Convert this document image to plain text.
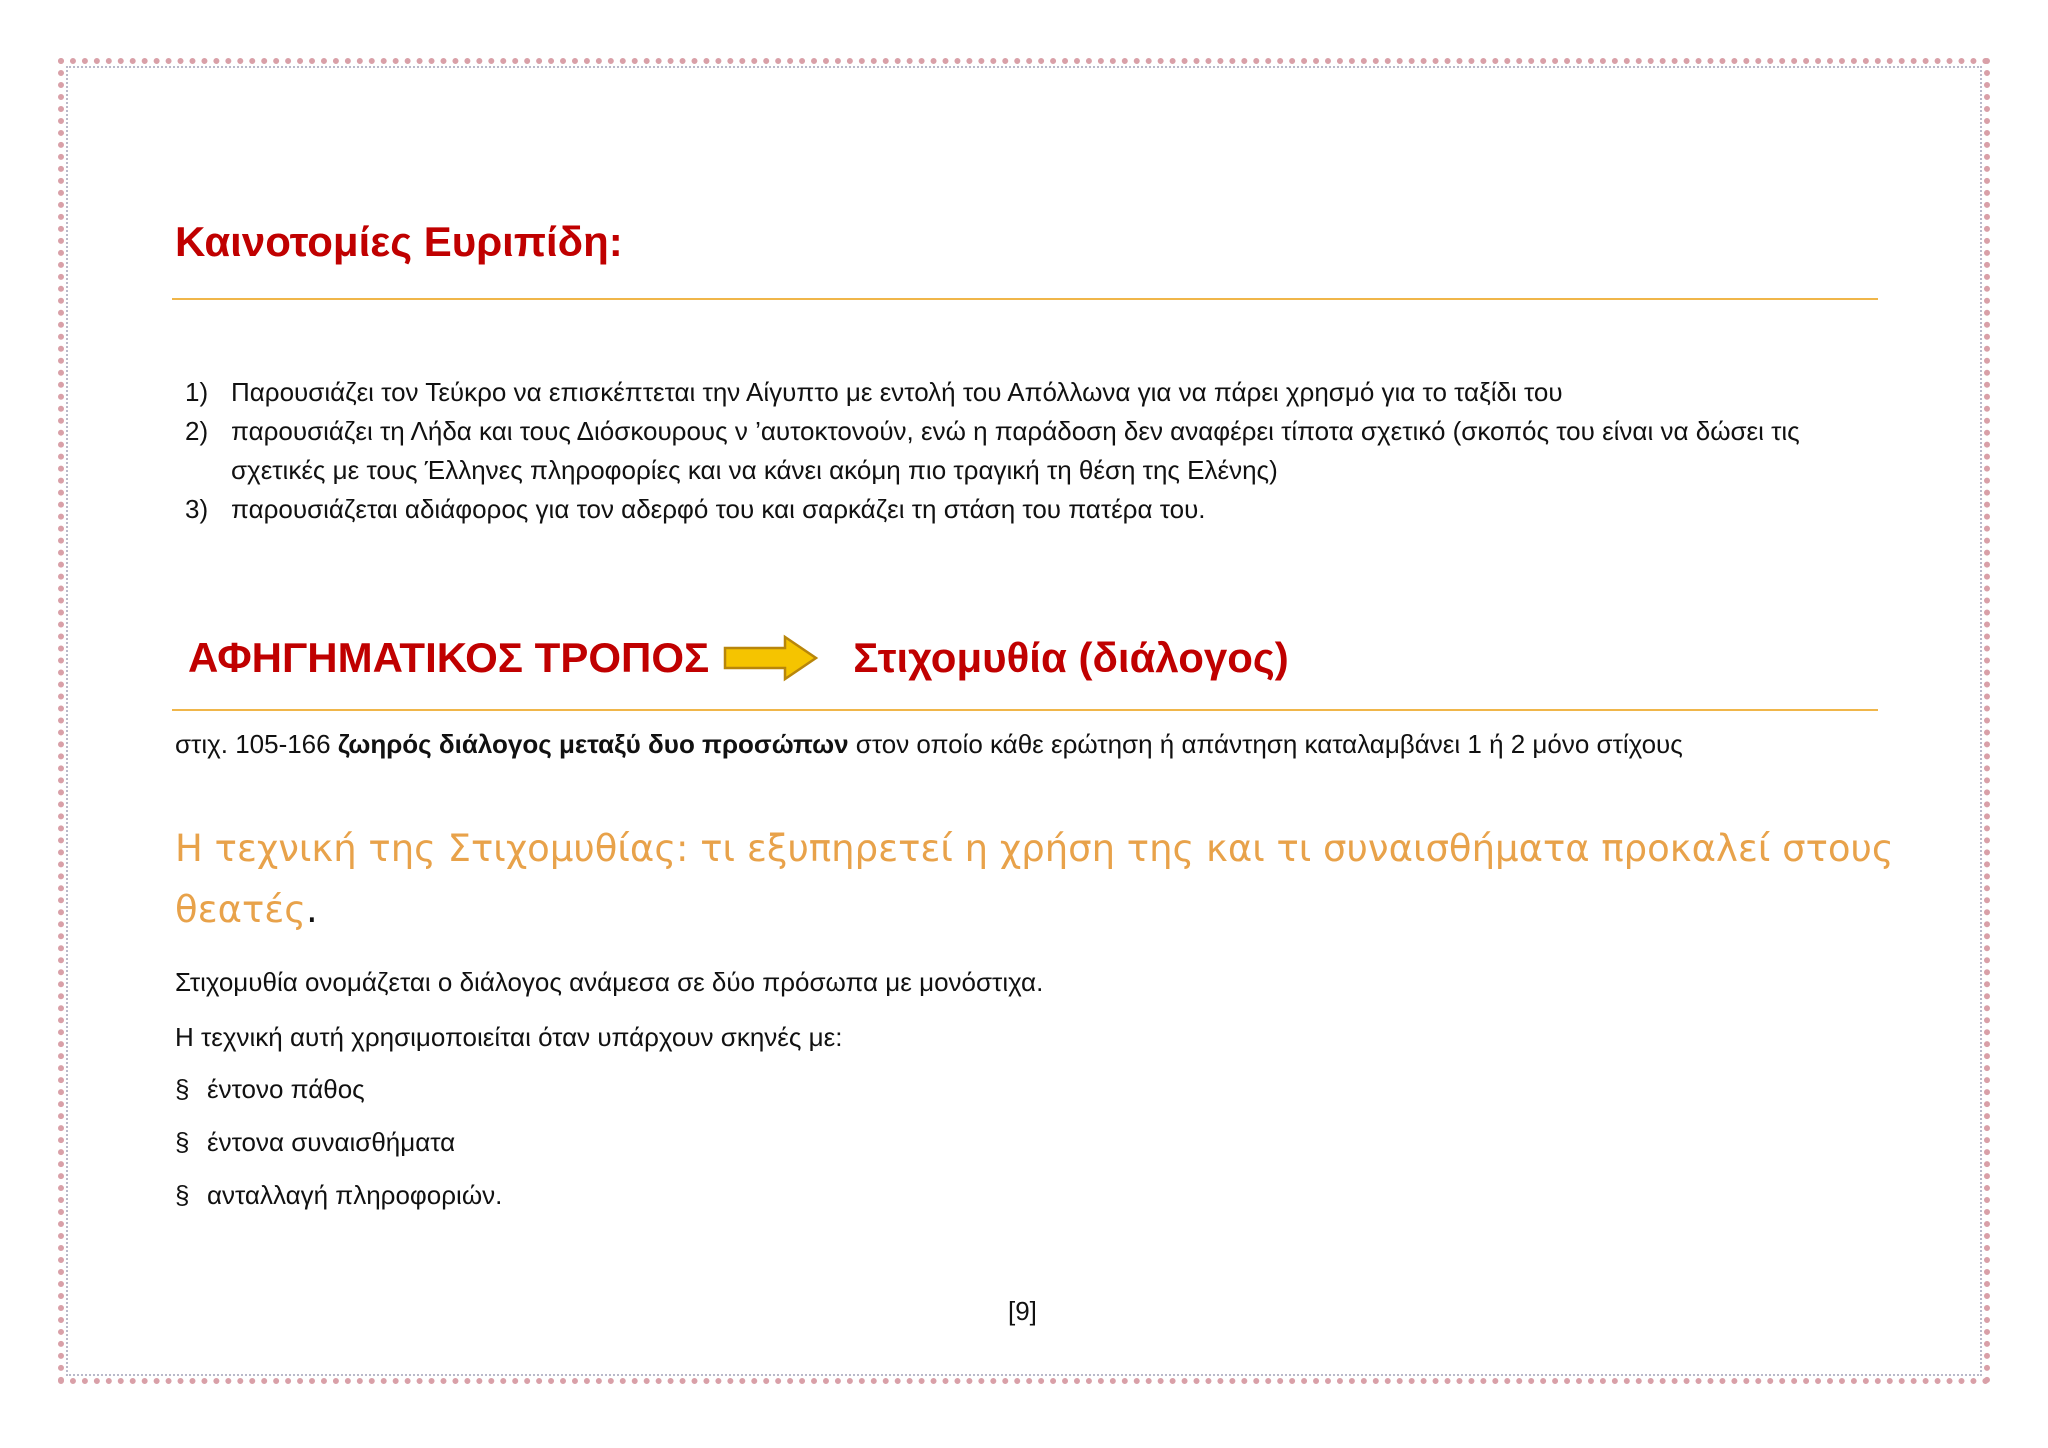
Καινοτομίες Ευριπίδη:
1) Παρουσιάζει τον Τεύκρο να επισκέπτεται την Αίγυπτο με εντολή του Απόλλωνα για να πάρει χρησμό για το ταξίδι του
2) παρουσιάζει τη Λήδα και τους Διόσκουρους ν ’αυτοκτονούν, ενώ η παράδοση δεν αναφέρει τίποτα σχετικό (σκοπός του είναι να δώσει τις σχετικές με τους Έλληνες πληροφορίες και να κάνει ακόμη πιο τραγική τη θέση της Ελένης)
3) παρουσιάζεται αδιάφορος για τον αδερφό του και σαρκάζει τη στάση του πατέρα του.
ΑΦΗΓΗΜΑΤΙΚΟΣ ΤΡΟΠΟΣ	Στιχομυθία (διάλογος)

στιχ. 105-166 ζωηρός διάλογος μεταξύ δυο προσώπων στον οποίο κάθε ερώτηση ή απάντηση καταλαμβάνει 1 ή 2 μόνο στίχους

Η τεχνική της Στιχομυθίας: τι εξυπηρετεί η χρήση της και τι συναισθήματα προκαλεί στους θεατές.

Στιχομυθία ονομάζεται ο διάλογος ανάμεσα σε δύο πρόσωπα με μονόστιχα.

Η τεχνική αυτή χρησιμοποιείται όταν υπάρχουν σκηνές με:

§ έντονο πάθος

§ έντονα συναισθήματα

§ ανταλλαγή πληροφοριών.

[9]
